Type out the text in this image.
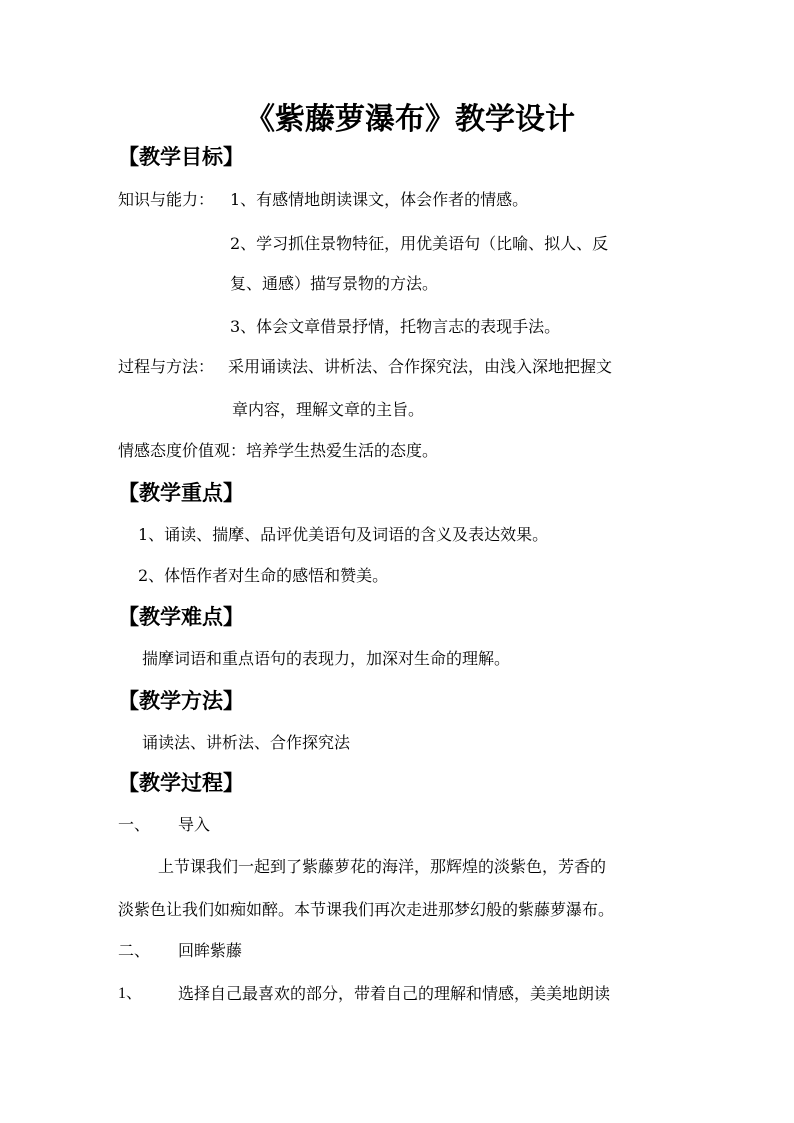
《紫藤萝瀑布》教学设计
【教学目标】
知识与能力： 1、有感情地朗读课文，体会作者的情感。
2、学习抓住景物特征，用优美语句（比喻、拟人、反
复、通感）描写景物的方法。
3、体会文章借景抒情，托物言志的表现手法。
过程与方法： 采用诵读法、讲析法、合作探究法，由浅入深地把握文
章内容，理解文章的主旨。
情感态度价值观：培养学生热爱生活的态度。
【教学重点】
1、诵读、揣摩、品评优美语句及词语的含义及表达效果。
2、体悟作者对生命的感悟和赞美。
【教学难点】
揣摩词语和重点语句的表现力，加深对生命的理解。
【教学方法】
诵读法、讲析法、合作探究法
【教学过程】
一、 导入
上节课我们一起到了紫藤萝花的海洋，那辉煌的淡紫色，芳香的
淡紫色让我们如痴如醉。本节课我们再次走进那梦幻般的紫藤萝瀑布。
二、 回眸紫藤
1、 选择自己最喜欢的部分，带着自己的理解和情感，美美地朗读
